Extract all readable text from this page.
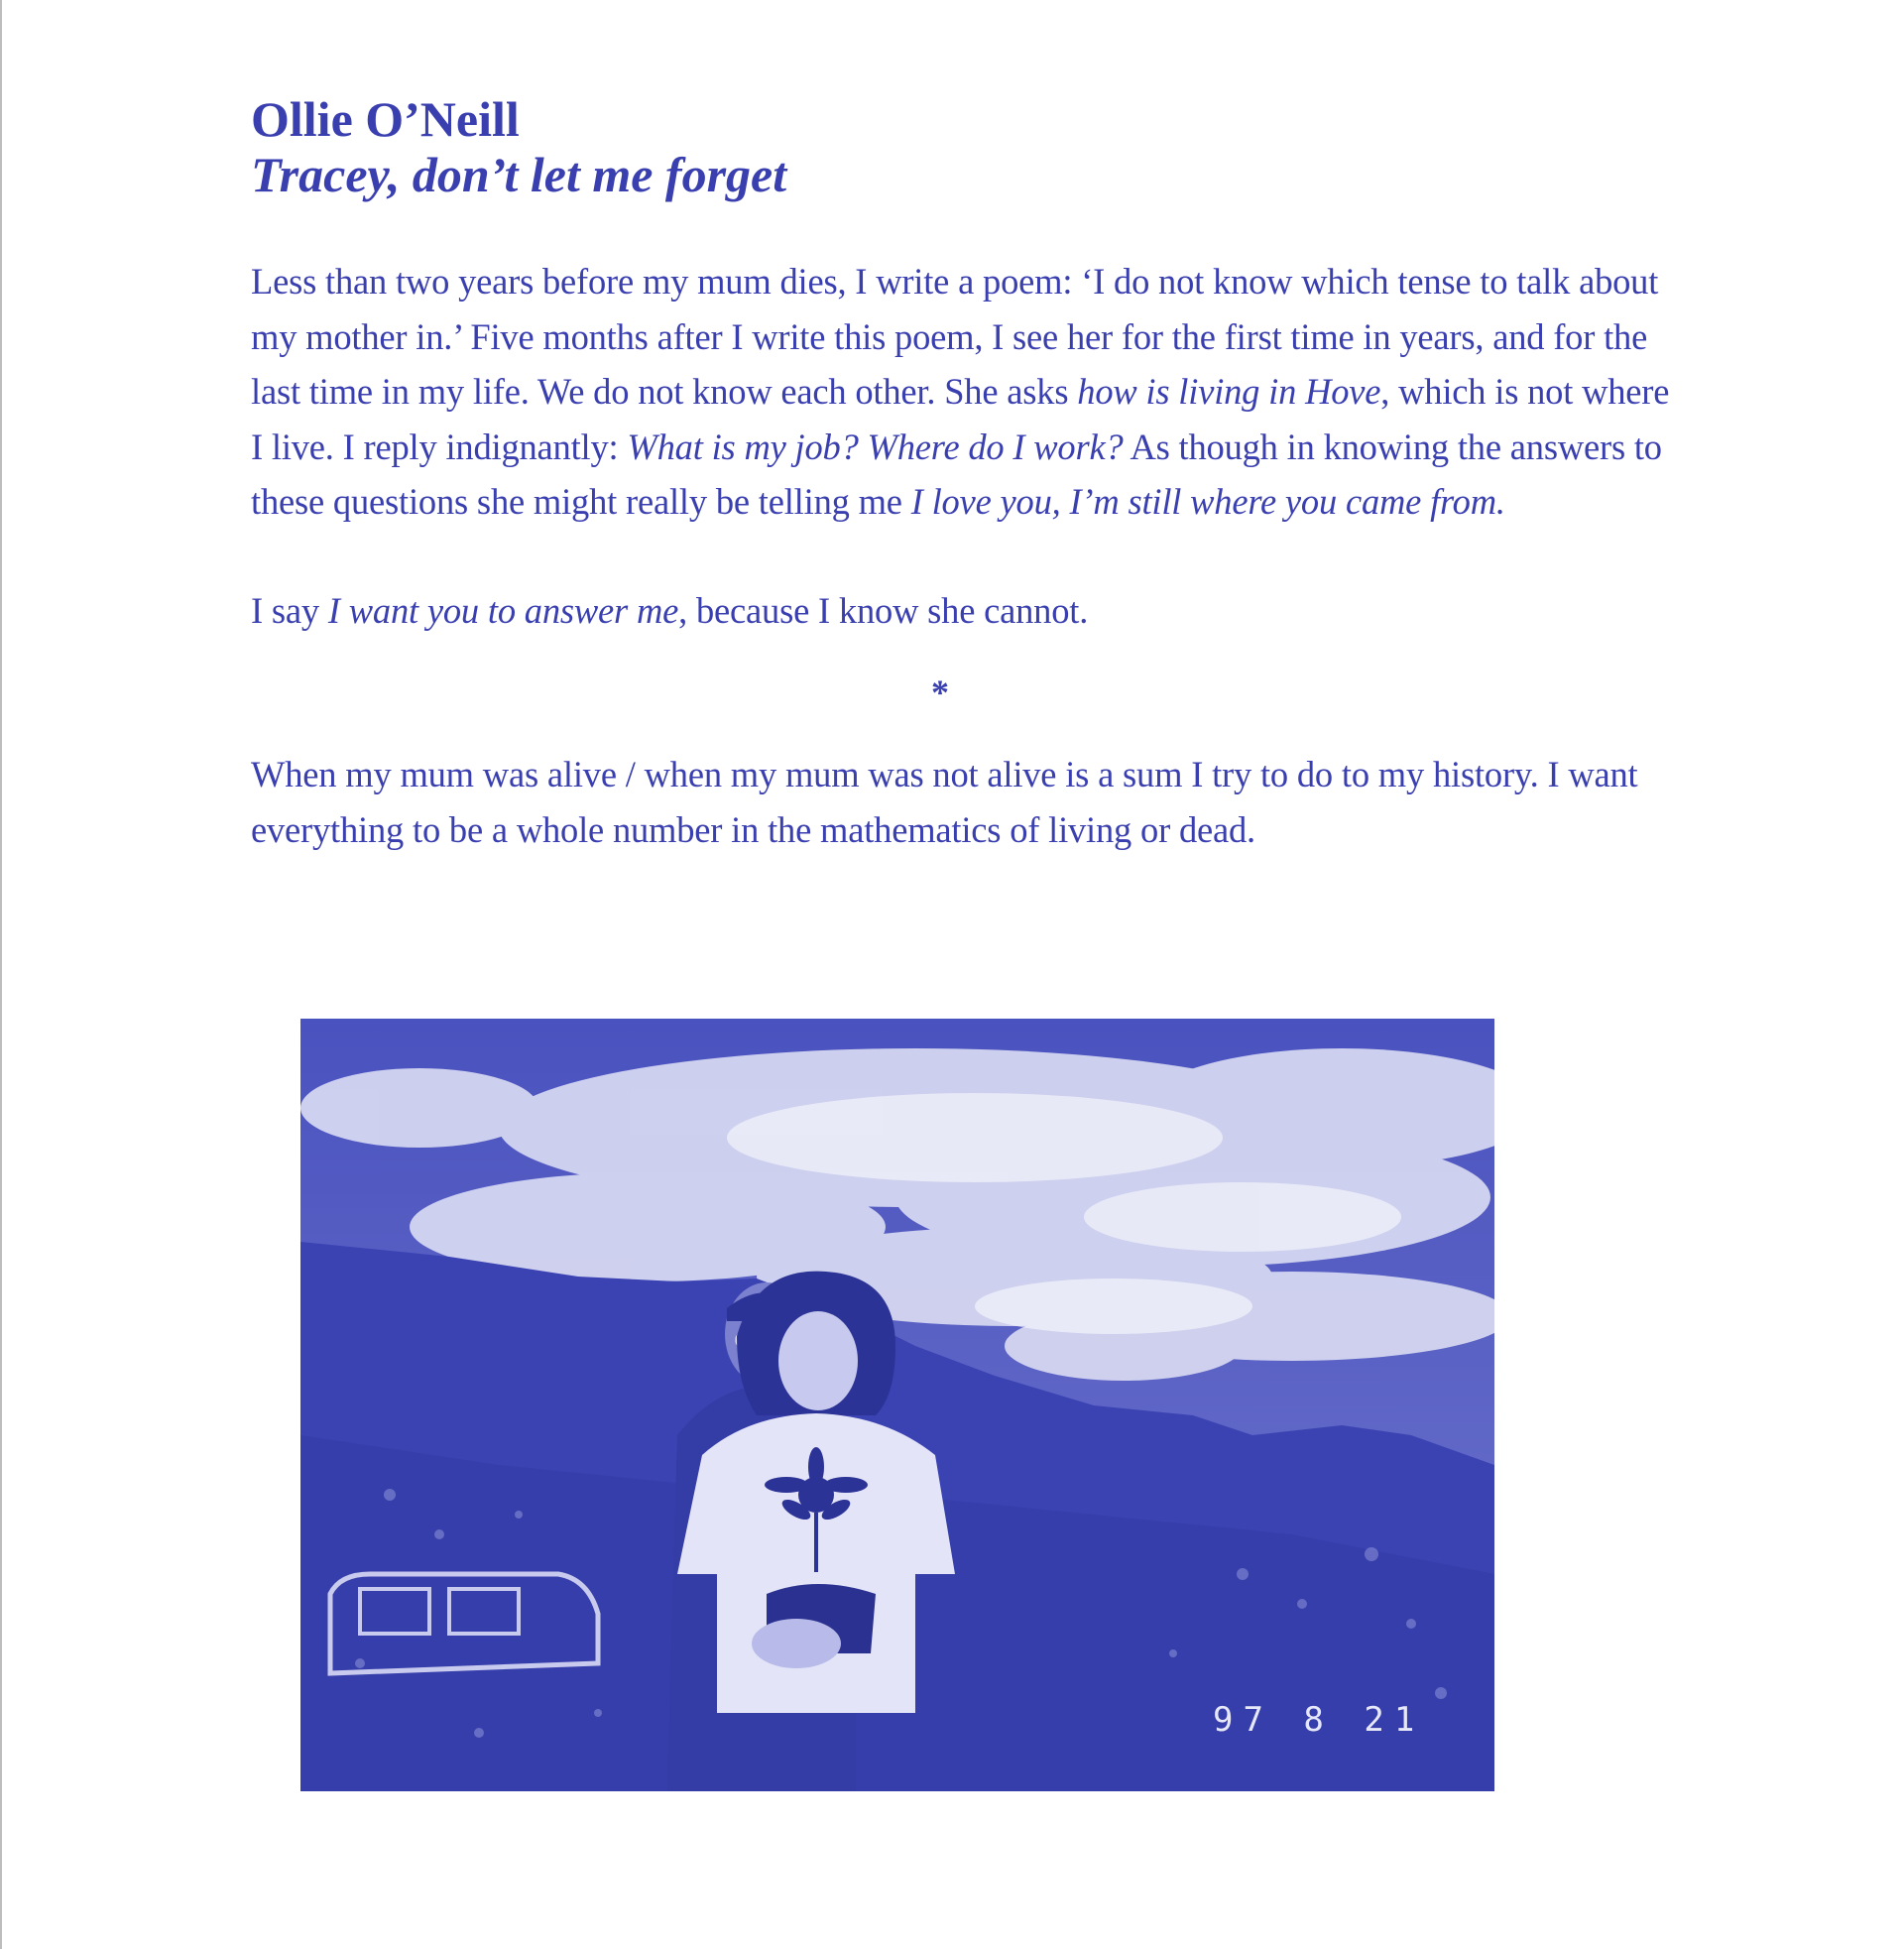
Ollie O’Neill
Tracey, don’t let me forget

Less than two years before my mum dies, I write a poem: ‘I do not know which tense to talk about my mother in.’ Five months after I write this poem, I see her for the first time in years, and for the last time in my life. We do not know each other. She asks how is living in Hove, which is not where I live. I reply indignantly: What is my job? Where do I work? As though in knowing the answers to these questions she might really be telling me I love you, I’m still where you came from.

I say I want you to answer me, because I know she cannot.

*

When my mum was alive / when my mum was not alive is a sum I try to do to my history. I want everything to be a whole number in the mathematics of living or dead.

97 8 21
